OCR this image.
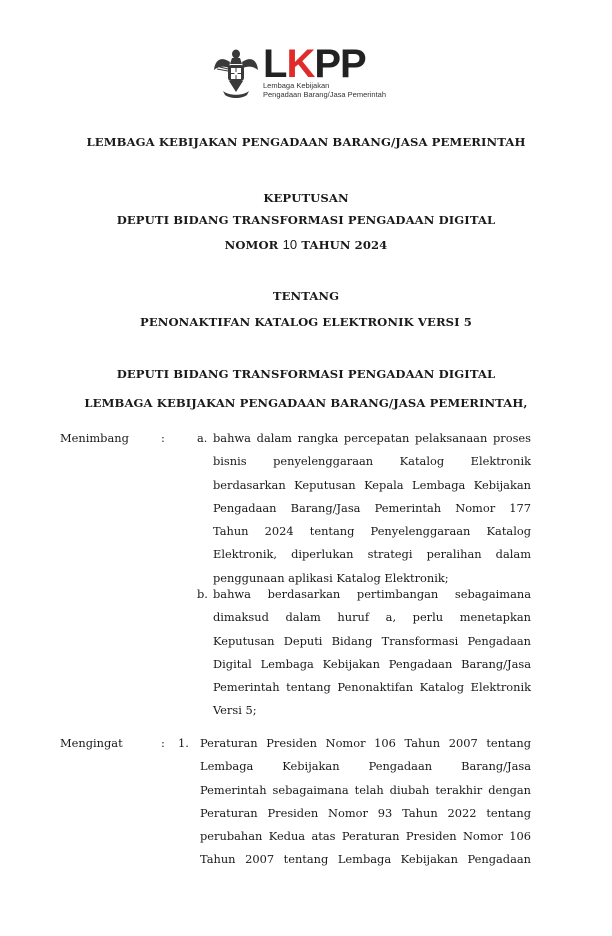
L K PP
Lembaga Kebijakan
Pengadaan Barang/Jasa Pemerintah
LEMBAGA KEBIJAKAN PENGADAAN BARANG/JASA PEMERINTAH
KEPUTUSAN
DEPUTI BIDANG TRANSFORMASI PENGADAAN DIGITAL
NOMOR 10 TAHUN 2024
TENTANG
PENONAKTIFAN KATALOG ELEKTRONIK VERSI 5
DEPUTI BIDANG TRANSFORMASI PENGADAAN DIGITAL
LEMBAGA KEBIJAKAN PENGADAAN BARANG/JASA PEMERINTAH,
Menimbang	:	a. bahwa dalam rangka percepatan pelaksanaan proses
bisnis penyelenggaraan Katalog Elektronik
berdasarkan Keputusan Kepala Lembaga Kebijakan
Pengadaan Barang/Jasa Pemerintah Nomor 177
Tahun 2024 tentang Penyelenggaraan Katalog
Elektronik, diperlukan strategi peralihan dalam
penggunaan aplikasi Katalog Elektronik;
b. bahwa berdasarkan pertimbangan sebagaimana
dimaksud dalam huruf a, perlu menetapkan
Keputusan Deputi Bidang Transformasi Pengadaan
Digital Lembaga Kebijakan Pengadaan Barang/Jasa
Pemerintah tentang Penonaktifan Katalog Elektronik
Versi 5;
Mengingat	: 1. Peraturan Presiden Nomor 106 Tahun 2007 tentang
Lembaga Kebijakan Pengadaan Barang/Jasa
Pemerintah sebagaimana telah diubah terakhir dengan
Peraturan Presiden Nomor 93 Tahun 2022 tentang
perubahan Kedua atas Peraturan Presiden Nomor 106
Tahun 2007 tentang Lembaga Kebijakan Pengadaan
